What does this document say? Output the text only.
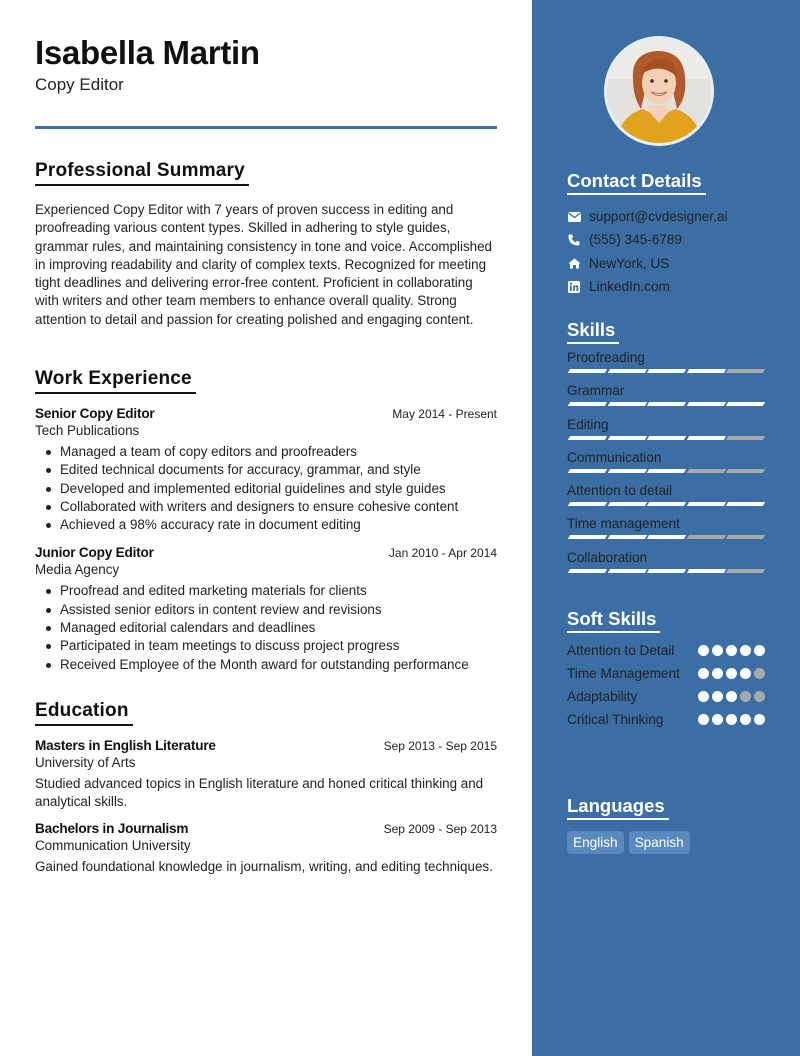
Isabella Martin
Copy Editor
Professional Summary

Experienced Copy Editor with 7 years of proven success in editing and proofreading various content types. Skilled in adhering to style guides, grammar rules, and maintaining consistency in tone and voice. Accomplished in improving readability and clarity of complex texts. Recognized for meeting tight deadlines and delivering error-free content. Proficient in collaborating with writers and other team members to enhance overall quality. Strong attention to detail and passion for creating polished and engaging content.

Work Experience
Senior Copy Editor	May 2014 - Present
Tech Publications
Managed a team of copy editors and proofreaders
Edited technical documents for accuracy, grammar, and style
Developed and implemented editorial guidelines and style guides
Collaborated with writers and designers to ensure cohesive content
Achieved a 98% accuracy rate in document editing
Junior Copy Editor	Jan 2010 - Apr 2014
Media Agency
Proofread and edited marketing materials for clients
Assisted senior editors in content review and revisions
Managed editorial calendars and deadlines
Participated in team meetings to discuss project progress
Received Employee of the Month award for outstanding performance
Education
Masters in English Literature	Sep 2013 - Sep 2015
University of Arts

Studied advanced topics in English literature and honed critical thinking and analytical skills.

Bachelors in Journalism	Sep 2009 - Sep 2013
Communication University

Gained foundational knowledge in journalism, writing, and editing techniques.

Contact Details
support@cvdesigner.ai
(555) 345-6789
NewYork, US
LinkedIn.com
Skills
Proofreading
Grammar
Editing
Communication
Attention to detail
Time management
Collaboration
Soft Skills
Attention to Detail
Time Management
Adaptability
Critical Thinking
Languages
English	Spanish
